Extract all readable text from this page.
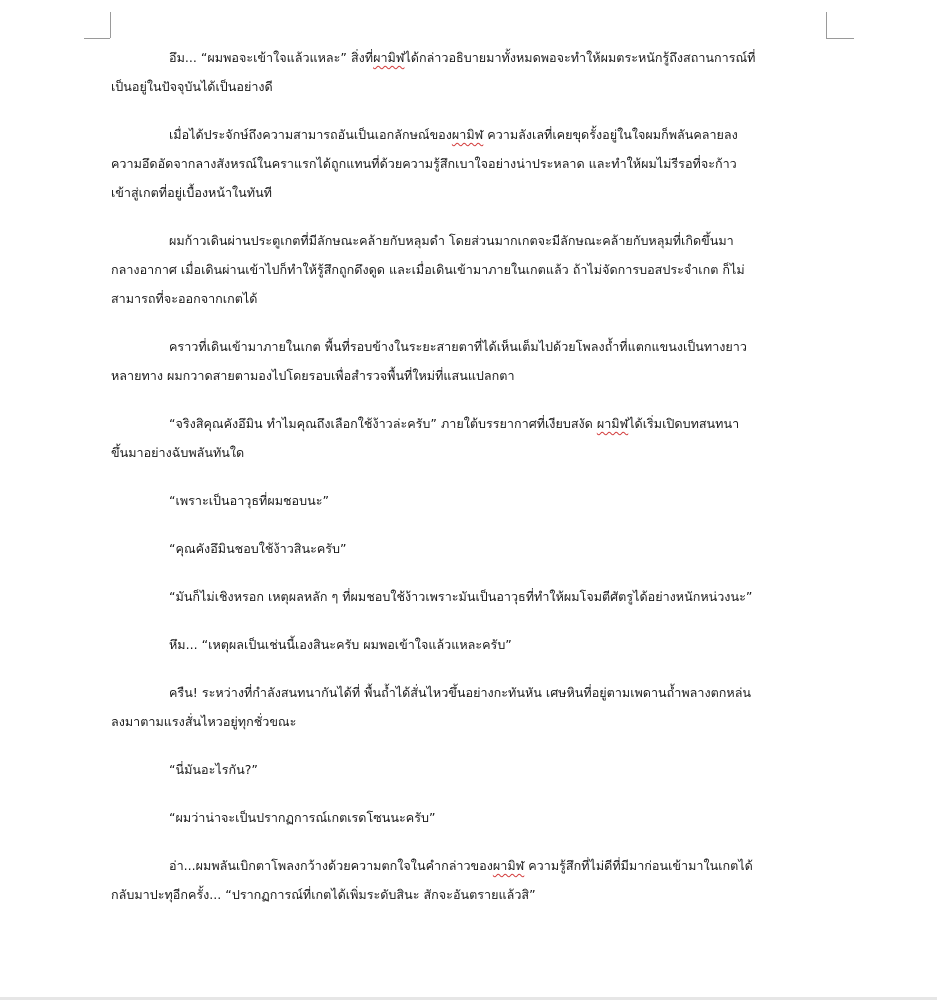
อึม... “ผมพอจะเข้าใจแล้วแหละ” สิ่งที่ผามิฬได้กล่าวอธิบายมาทั้งหมดพอจะทำให้ผมตระหนักรู้ถึงสถานการณ์ที่
เป็นอยู่ในปัจจุบันได้เป็นอย่างดี

เมื่อได้ประจักษ์ถึงความสามารถอันเป็นเอกลักษณ์ของผามิฬ ความลังเลที่เคยขุดรั้งอยู่ในใจผมก็พลันคลายลง
ความอึดอัดจากลางสังหรณ์ในคราแรกได้ถูกแทนที่ด้วยความรู้สึกเบาใจอย่างน่าประหลาด และทำให้ผมไม่รีรอที่จะก้าว
เข้าสู่เกตที่อยู่เบื้องหน้าในทันที

ผมก้าวเดินผ่านประตูเกตที่มีลักษณะคล้ายกับหลุมดำ โดยส่วนมากเกตจะมีลักษณะคล้ายกับหลุมที่เกิดขึ้นมา
กลางอากาศ เมื่อเดินผ่านเข้าไปก็ทำให้รู้สึกถูกดึงดูด และเมื่อเดินเข้ามาภายในเกตแล้ว ถ้าไม่จัดการบอสประจำเกต ก็ไม่
สามารถที่จะออกจากเกตได้

คราวที่เดินเข้ามาภายในเกต พื้นที่รอบข้างในระยะสายตาที่ได้เห็นเต็มไปด้วยโพลงถ้ำที่แตกแขนงเป็นทางยาว
หลายทาง ผมกวาดสายตามองไปโดยรอบเพื่อสำรวจพื้นที่ใหม่ที่แสนแปลกตา

“จริงสิคุณคังอึมิน ทำไมคุณถึงเลือกใช้ง้าวล่ะครับ” ภายใต้บรรยากาศที่เงียบสงัด ผามิฬได้เริ่มเปิดบทสนทนา
ขึ้นมาอย่างฉับพลันทันใด

“เพราะเป็นอาวุธที่ผมชอบนะ”

“คุณคังอึมินชอบใช้ง้าวสินะครับ”

“มันก็ไม่เชิงหรอก เหตุผลหลัก ๆ ที่ผมชอบใช้ง้าวเพราะมันเป็นอาวุธที่ทำให้ผมโจมตีศัตรูได้อย่างหนักหน่วงนะ”

หึม... “เหตุผลเป็นเช่นนี้เองสินะครับ ผมพอเข้าใจแล้วแหละครับ”

ครืน! ระหว่างที่กำลังสนทนากันได้ที่ พื้นถ้ำได้สั่นไหวขึ้นอย่างกะทันหัน เศษหินที่อยู่ตามเพดานถ้ำพลางตกหล่น
ลงมาตามแรงสั่นไหวอยู่ทุกชั่วขณะ

“นี่มันอะไรกัน?”

“ผมว่าน่าจะเป็นปรากฏการณ์เกตเรดโซนนะครับ”

อ่า...ผมพลันเบิกตาโพลงกว้างด้วยความตกใจในคำกล่าวของผามิฬ ความรู้สึกที่ไม่ดีที่มีมาก่อนเข้ามาในเกตได้
กลับมาปะทุอีกครั้ง... “ปรากฏการณ์ที่เกตได้เพิ่มระดับสินะ สักจะอันตรายแล้วสิ”
